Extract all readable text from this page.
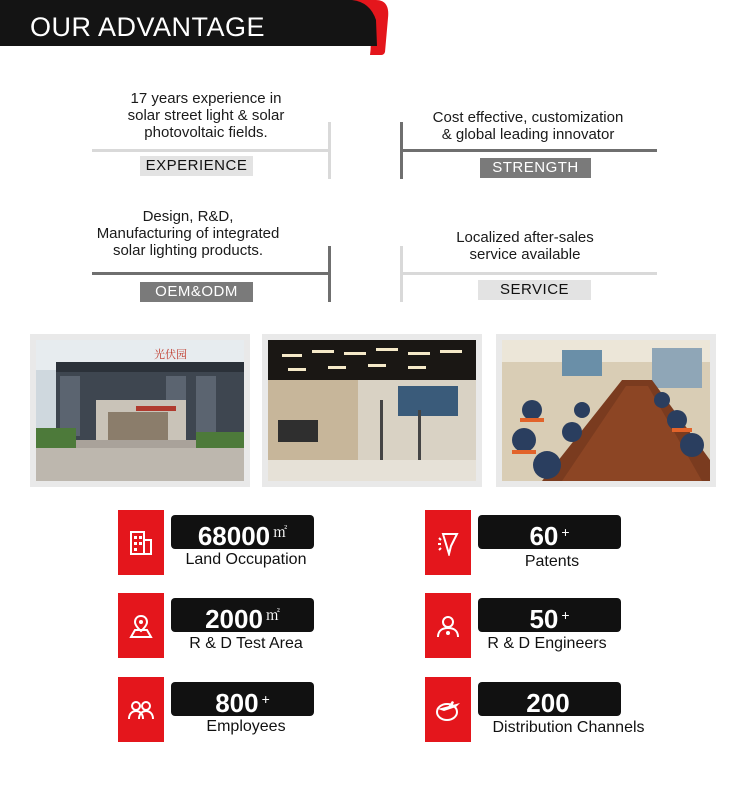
OUR ADVANTAGE
17 years experience in
solar street light & solar
photovoltaic fields.
EXPERIENCE
Cost effective, customization
& global leading innovator
STRENGTH
Design, R&D,
Manufacturing of integrated
solar lighting products.
OEM&ODM
Localized after-sales
service available
SERVICE
光伏园
68000 ㎡
Land Occupation
60 +
Patents
2000 ㎡
R & D Test Area
50 +
R & D Engineers
800 +
Employees
200
Distribution Channels
